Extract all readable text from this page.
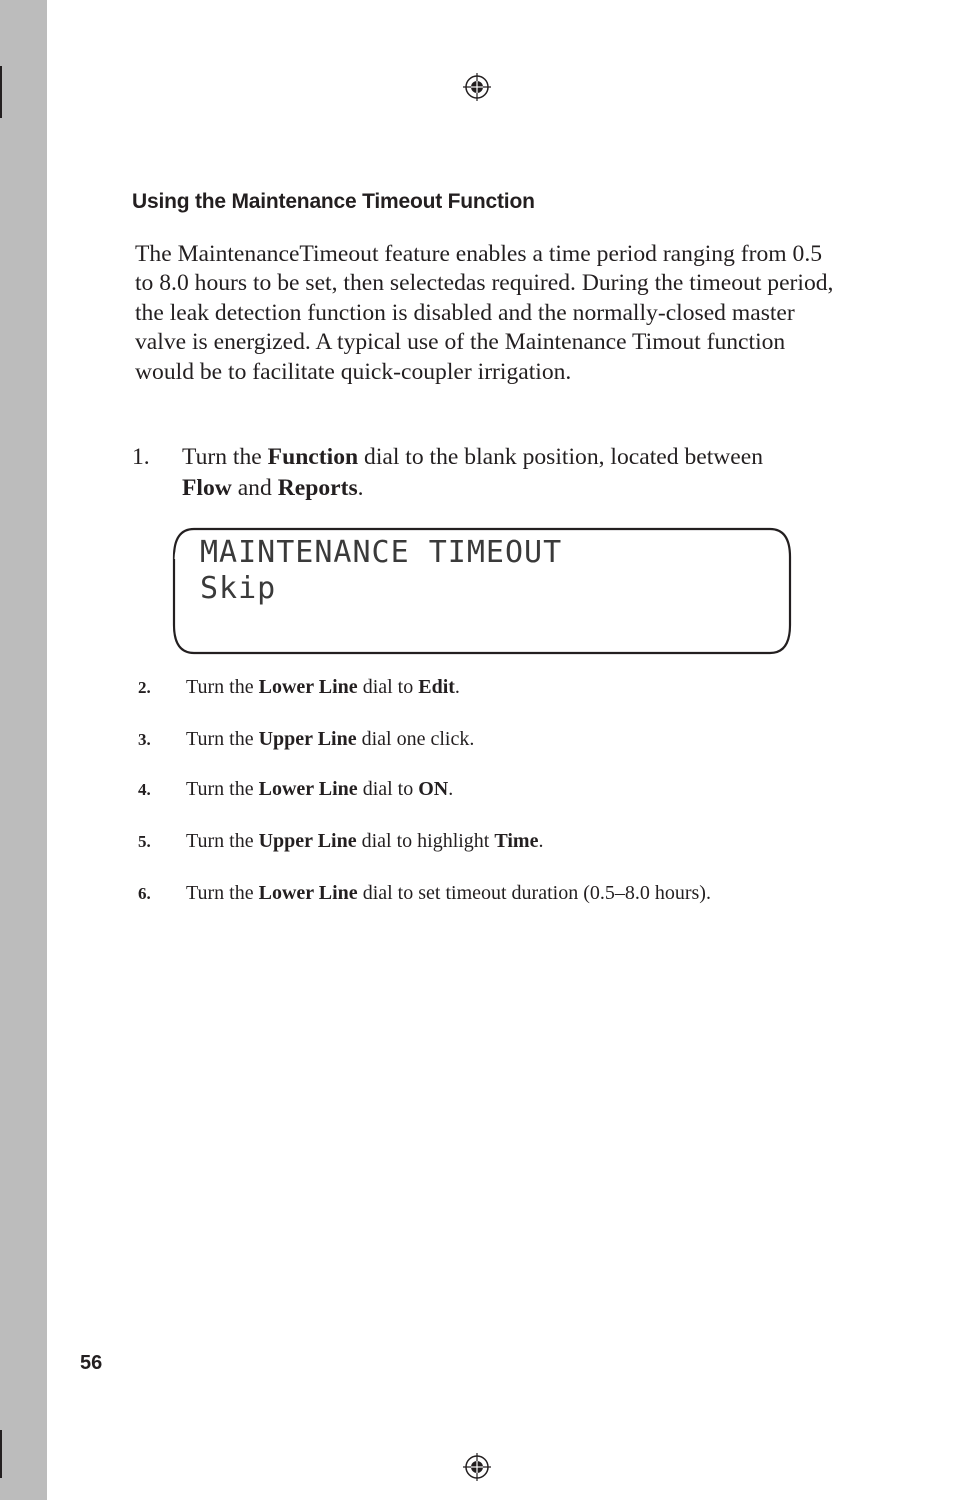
Using the Maintenance Timeout Function

The MaintenanceTimeout feature enables a time period ranging from 0.5 to 8.0 hours to be set, then selectedas required. During the timeout period, the leak detection function is disabled and the normally-closed master valve is energized. A typical use of the Maintenance Timout function would be to facilitate quick-coupler irrigation.

1. Turn the Function dial to the blank position, located between Flow and Reports.
MAINTENANCE TIMEOUT
Skip
2. Turn the Lower Line dial to Edit.
3. Turn the Upper Line dial one click.
4. Turn the Lower Line dial to ON.
5. Turn the Upper Line dial to highlight Time.
6. Turn the Lower Line dial to set timeout duration (0.5–8.0 hours).

56
